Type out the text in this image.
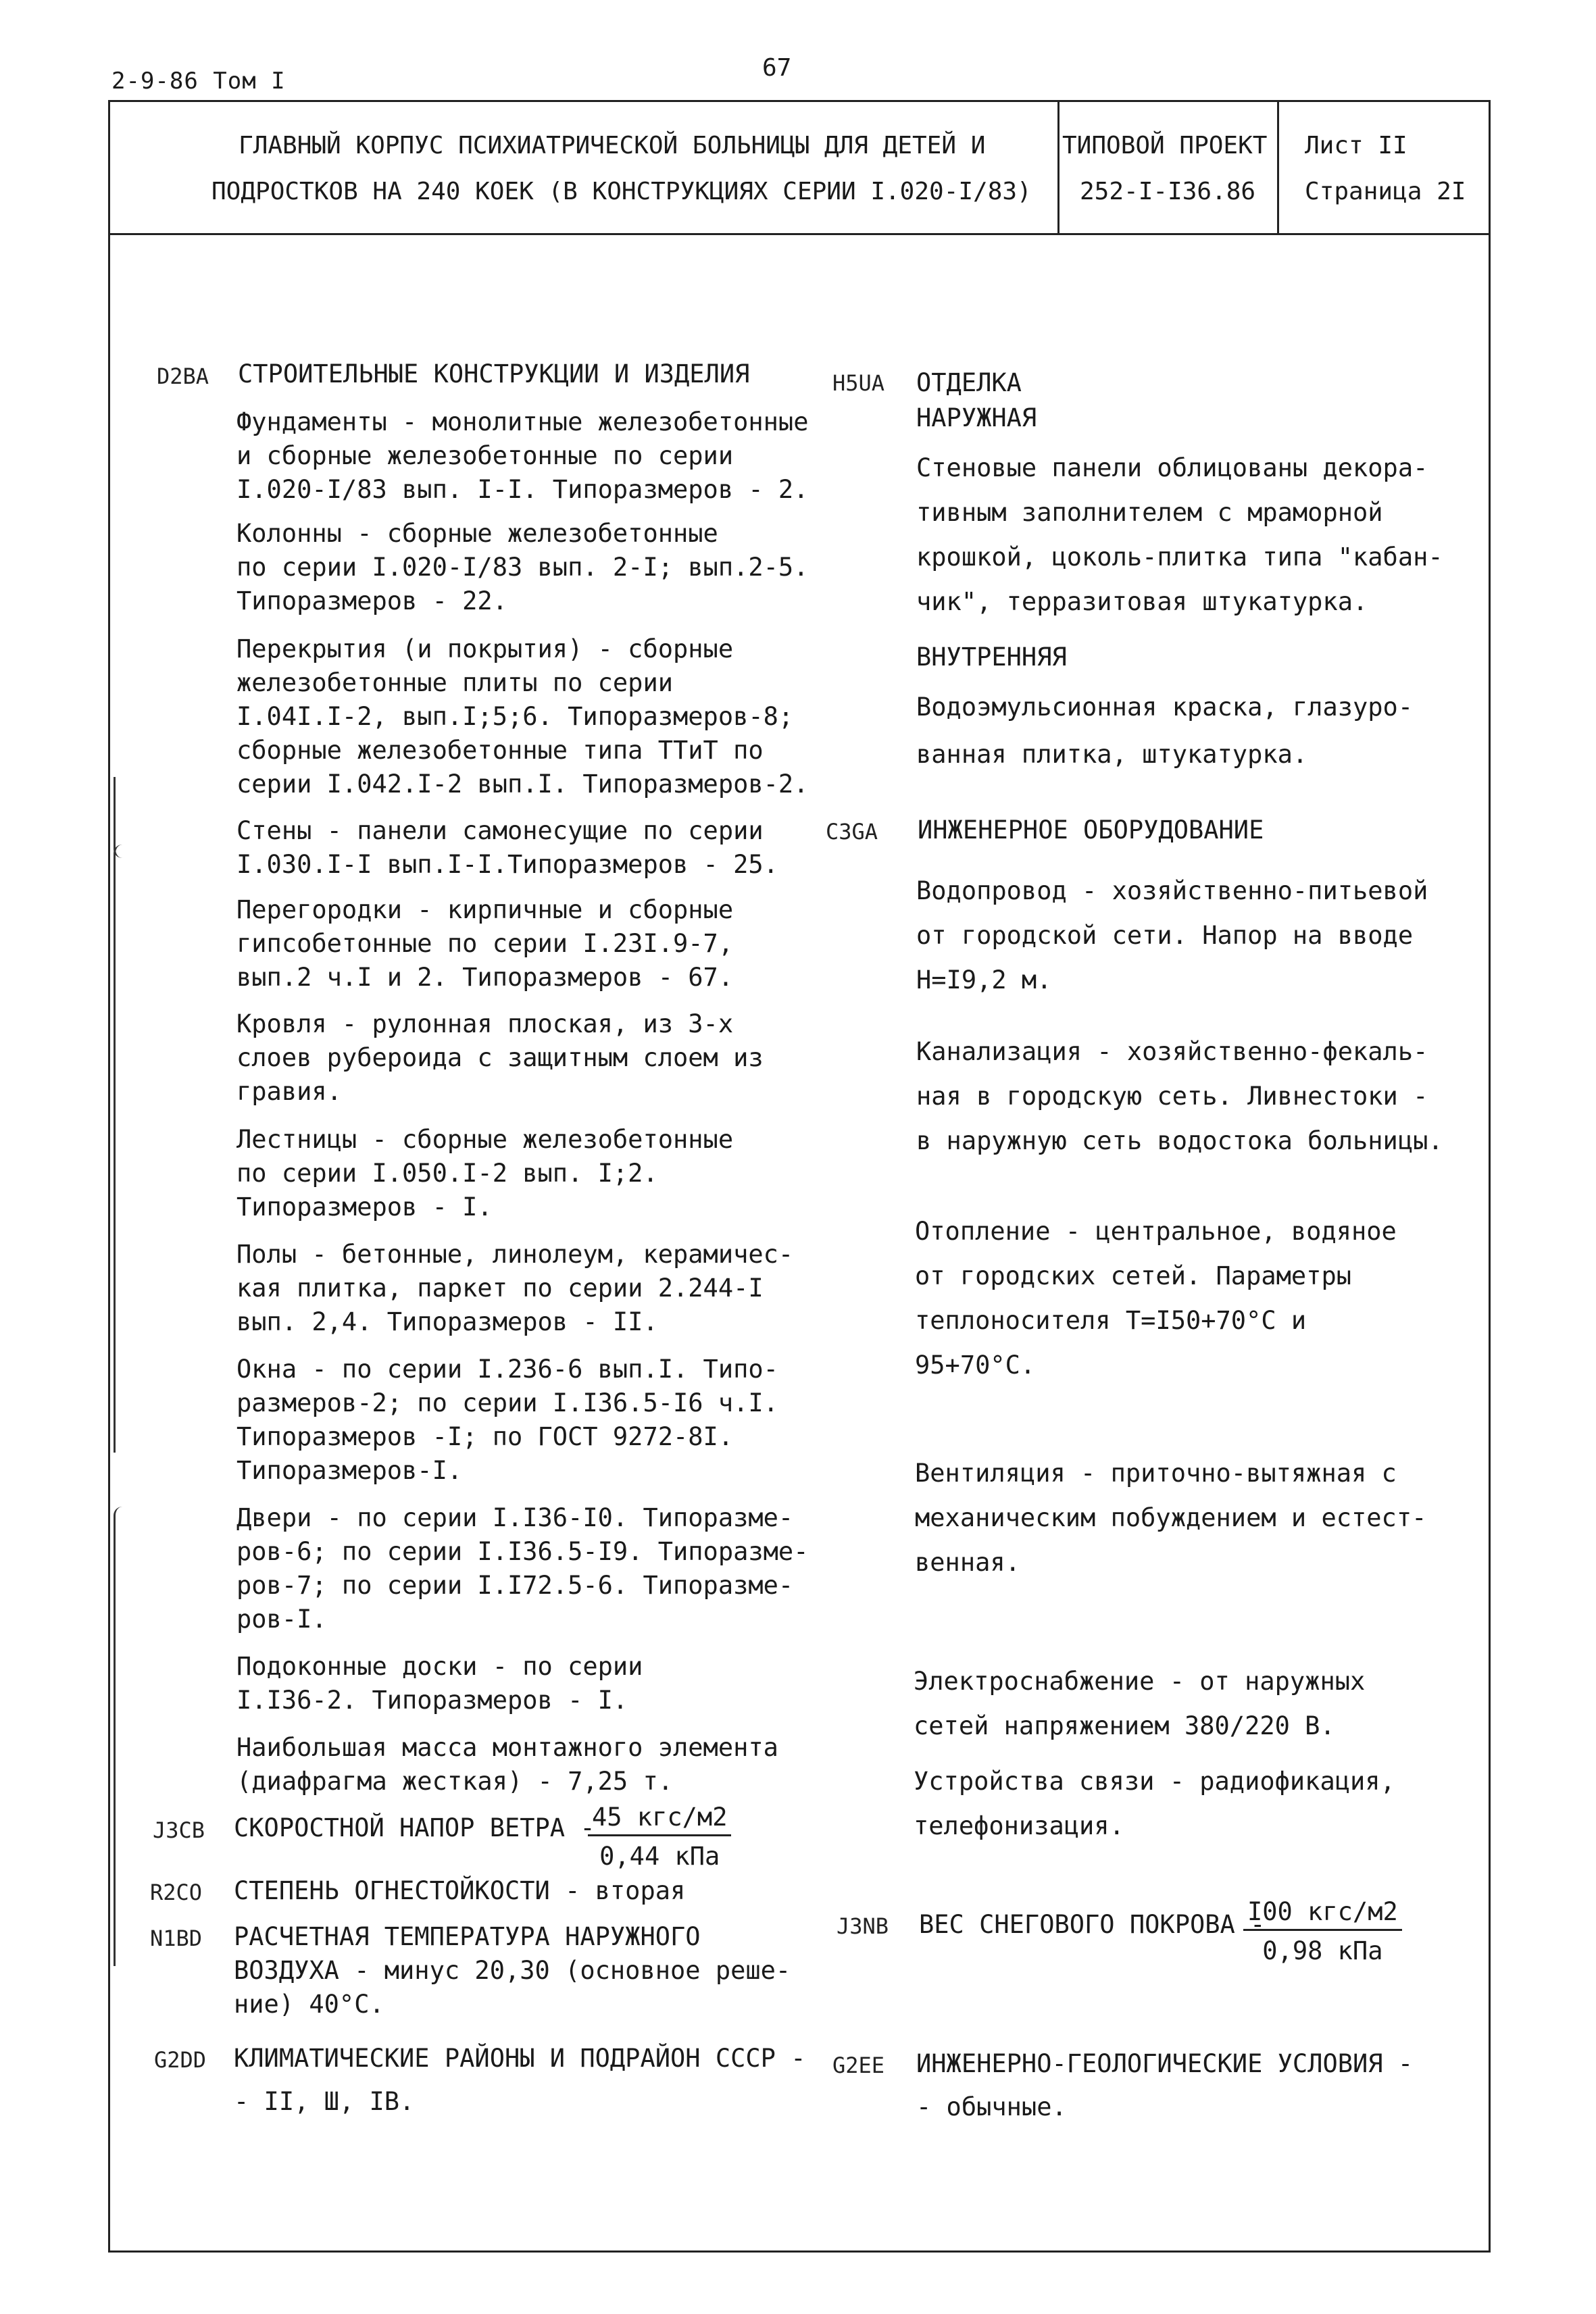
2-9-86 Том I	67
ГЛАВНЫЙ КОРПУС ПСИХИАТРИЧЕСКОЙ БОЛЬНИЦЫ ДЛЯ ДЕТЕЙ И
ПОДРОСТКОВ НА 240 КОЕК (В КОНСТРУКЦИЯХ СЕРИИ I.020-I/83)
ТИПОВОЙ ПРОЕКТ
252-I-I36.86
Лист II
Страница 2I
D2BA СТРОИТЕЛЬНЫЕ КОНСТРУКЦИИ И ИЗДЕЛИЯ
Фундаменты - монолитные железобетонные
и сборные железобетонные по серии
I.020-I/83 вып. I-I. Типоразмеров - 2.
Колонны - сборные железобетонные
по серии I.020-I/83 вып. 2-I; вып.2-5.
Типоразмеров - 22.
Перекрытия (и покрытия) - сборные
железобетонные плиты по серии
I.04I.I-2, вып.I;5;6. Типоразмеров-8;
сборные железобетонные типа ТТиТ по
серии I.042.I-2 вып.I. Типоразмеров-2.
Стены - панели самонесущие по серии
I.030.I-I вып.I-I.Типоразмеров - 25.
Перегородки - кирпичные и сборные
гипсобетонные по серии I.23I.9-7,
вып.2 ч.I и 2. Типоразмеров - 67.
Кровля - рулонная плоская, из 3-х
слоев рубероида с защитным слоем из
гравия.
Лестницы - сборные железобетонные
по серии I.050.I-2 вып. I;2.
Типоразмеров - I.
Полы - бетонные, линолеум, керамичес-
кая плитка, паркет по серии 2.244-I
вып. 2,4. Типоразмеров - II.
Окна - по серии I.236-6 вып.I. Типо-
размеров-2; по серии I.I36.5-I6 ч.I.
Типоразмеров -I; по ГОСТ 9272-8I.
Типоразмеров-I.
Двери - по серии I.I36-I0. Типоразме-
ров-6; по серии I.I36.5-I9. Типоразме-
ров-7; по серии I.I72.5-6. Типоразме-
ров-I.
Подоконные доски - по серии
I.I36-2. Типоразмеров - I.
Наибольшая масса монтажного элемента
(диафрагма жесткая) - 7,25 т.
J3CB СКОРОСТНОЙ НАПОР ВЕТРА -
45 кгс/м2
0,44 кПа
R2CO СТЕПЕНЬ ОГНЕСТОЙКОСТИ - вторая
N1BD РАСЧЕТНАЯ ТЕМПЕРАТУРА НАРУЖНОГО
ВОЗДУХА - минус 20,30 (основное реше-
ние) 40°С.
G2DD КЛИМАТИЧЕСКИЕ РАЙОНЫ И ПОДРАЙОН СССР -
- II, Ш, IВ.
H5UA ОТДЕЛКА
НАРУЖНАЯ
Стеновые панели облицованы декора-
тивным заполнителем с мраморной
крошкой, цоколь-плитка типа "кабан-
чик", терразитовая штукатурка.
ВНУТРЕННЯЯ
Водоэмульсионная краска, глазуро-
ванная плитка, штукатурка.
C3GA ИНЖЕНЕРНОЕ ОБОРУДОВАНИЕ
Водопровод - хозяйственно-питьевой
от городской сети. Напор на вводе
Н=I9,2 м.
Канализация - хозяйственно-фекаль-
ная в городскую сеть. Ливнестоки -
в наружную сеть водостока больницы.
Отопление - центральное, водяное
от городских сетей. Параметры
теплоносителя Т=I50+70°С и
95+70°С.
Вентиляция - приточно-вытяжная с
механическим побуждением и естест-
венная.
Электроснабжение - от наружных
сетей напряжением 380/220 В.
Устройства связи - радиофикация,
телефонизация.
J3NB ВЕС СНЕГОВОГО ПОКРОВА -
I00 кгс/м2
0,98 кПа
G2EE ИНЖЕНЕРНО-ГЕОЛОГИЧЕСКИЕ УСЛОВИЯ -
- обычные.
